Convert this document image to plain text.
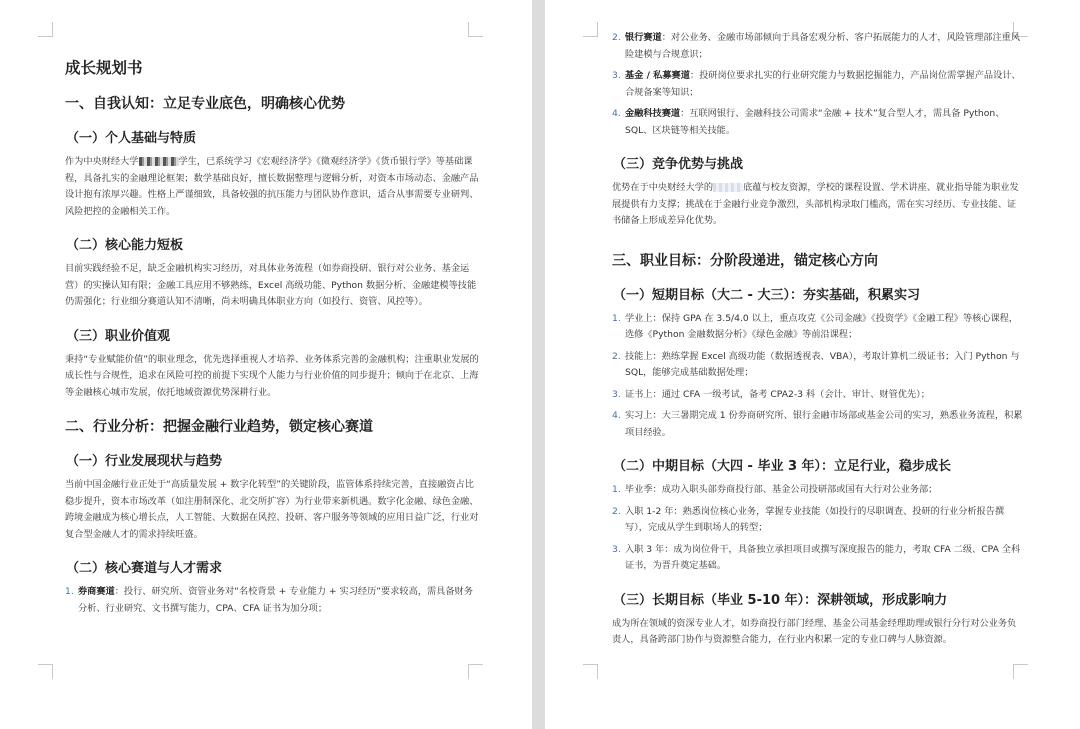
成长规划书
一、自我认知：立足专业底色，明确核心优势
（一）个人基础与特质

作为中央财经大学	学生，已系统学习《宏观经济学》《微观经济学》《货币银行学》等基础课程，具备扎实的金融理论框架；数学基础良好，擅长数据整理与逻辑分析，对资本市场动态、金融产品设计抱有浓厚兴趣。性格上严谨细致，具备较强的抗压能力与团队协作意识，适合从事需要专业研判、风险把控的金融相关工作。

（二）核心能力短板

目前实践经验不足，缺乏金融机构实习经历，对具体业务流程（如券商投研、银行对公业务、基金运营）的实操认知有限；金融工具应用不够熟练，Excel 高级功能、Python 数据分析、金融建模等技能仍需强化；行业细分赛道认知不清晰，尚未明确具体职业方向（如投行、资管、风控等）。

（三）职业价值观

秉持“专业赋能价值”的职业理念，优先选择重视人才培养、业务体系完善的金融机构；注重职业发展的成长性与合规性，追求在风险可控的前提下实现个人能力与行业价值的同步提升；倾向于在北京、上海等金融核心城市发展，依托地域资源优势深耕行业。

二、行业分析：把握金融行业趋势，锁定核心赛道
（一）行业发展现状与趋势

当前中国金融行业正处于“高质量发展 + 数字化转型”的关键阶段，监管体系持续完善，直接融资占比稳步提升，资本市场改革（如注册制深化、北交所扩容）为行业带来新机遇。数字化金融、绿色金融、跨境金融成为核心增长点，人工智能、大数据在风控、投研、客户服务等领域的应用日益广泛，行业对复合型金融人才的需求持续旺盛。

（二）核心赛道与人才需求
1. 券商赛道：投行、研究所、资管业务对“名校背景 + 专业能力 + 实习经历”要求较高，需具备财务分析、行业研究、文书撰写能力，CPA、CFA 证书为加分项；
2. 银行赛道：对公业务、金融市场部倾向于具备宏观分析、客户拓展能力的人才，风险管理部注重风险建模与合规意识；
3. 基金 / 私募赛道：投研岗位要求扎实的行业研究能力与数据挖掘能力，产品岗位需掌握产品设计、合规备案等知识；
4. 金融科技赛道：互联网银行、金融科技公司需求“金融 + 技术”复合型人才，需具备 Python、SQL、区块链等相关技能。
（三）竞争优势与挑战

优势在于中央财经大学的	底蕴与校友资源，学校的课程设置、学术讲座、就业指导能为职业发展提供有力支撑；挑战在于金融行业竞争激烈，头部机构录取门槛高，需在实习经历、专业技能、证书储备上形成差异化优势。

三、职业目标：分阶段递进，锚定核心方向
（一）短期目标（大二 - 大三）：夯实基础，积累实习
1. 学业上：保持 GPA 在 3.5/4.0 以上，重点攻克《公司金融》《投资学》《金融工程》等核心课程，选修《Python 金融数据分析》《绿色金融》等前沿课程；
2. 技能上：熟练掌握 Excel 高级功能（数据透视表、VBA），考取计算机二级证书；入门 Python 与 SQL，能够完成基础数据处理；
3. 证书上：通过 CFA 一级考试，备考 CPA2-3 科（会计、审计、财管优先）；
4. 实习上：大三暑期完成 1 份券商研究所、银行金融市场部或基金公司的实习，熟悉业务流程，积累项目经验。
（二）中期目标（大四 - 毕业 3 年）：立足行业，稳步成长
1. 毕业季：成功入职头部券商投行部、基金公司投研部或国有大行对公业务部；
2. 入职 1-2 年：熟悉岗位核心业务，掌握专业技能（如投行的尽职调查、投研的行业分析报告撰写），完成从学生到职场人的转型；
3. 入职 3 年：成为岗位骨干，具备独立承担项目或撰写深度报告的能力，考取 CFA 二级、CPA 全科证书，为晋升奠定基础。
（三）长期目标（毕业 5-10 年）：深耕领域，形成影响力

成为所在领域的资深专业人才，如券商投行部门经理、基金公司基金经理助理或银行分行对公业务负责人，具备跨部门协作与资源整合能力，在行业内积累一定的专业口碑与人脉资源。
